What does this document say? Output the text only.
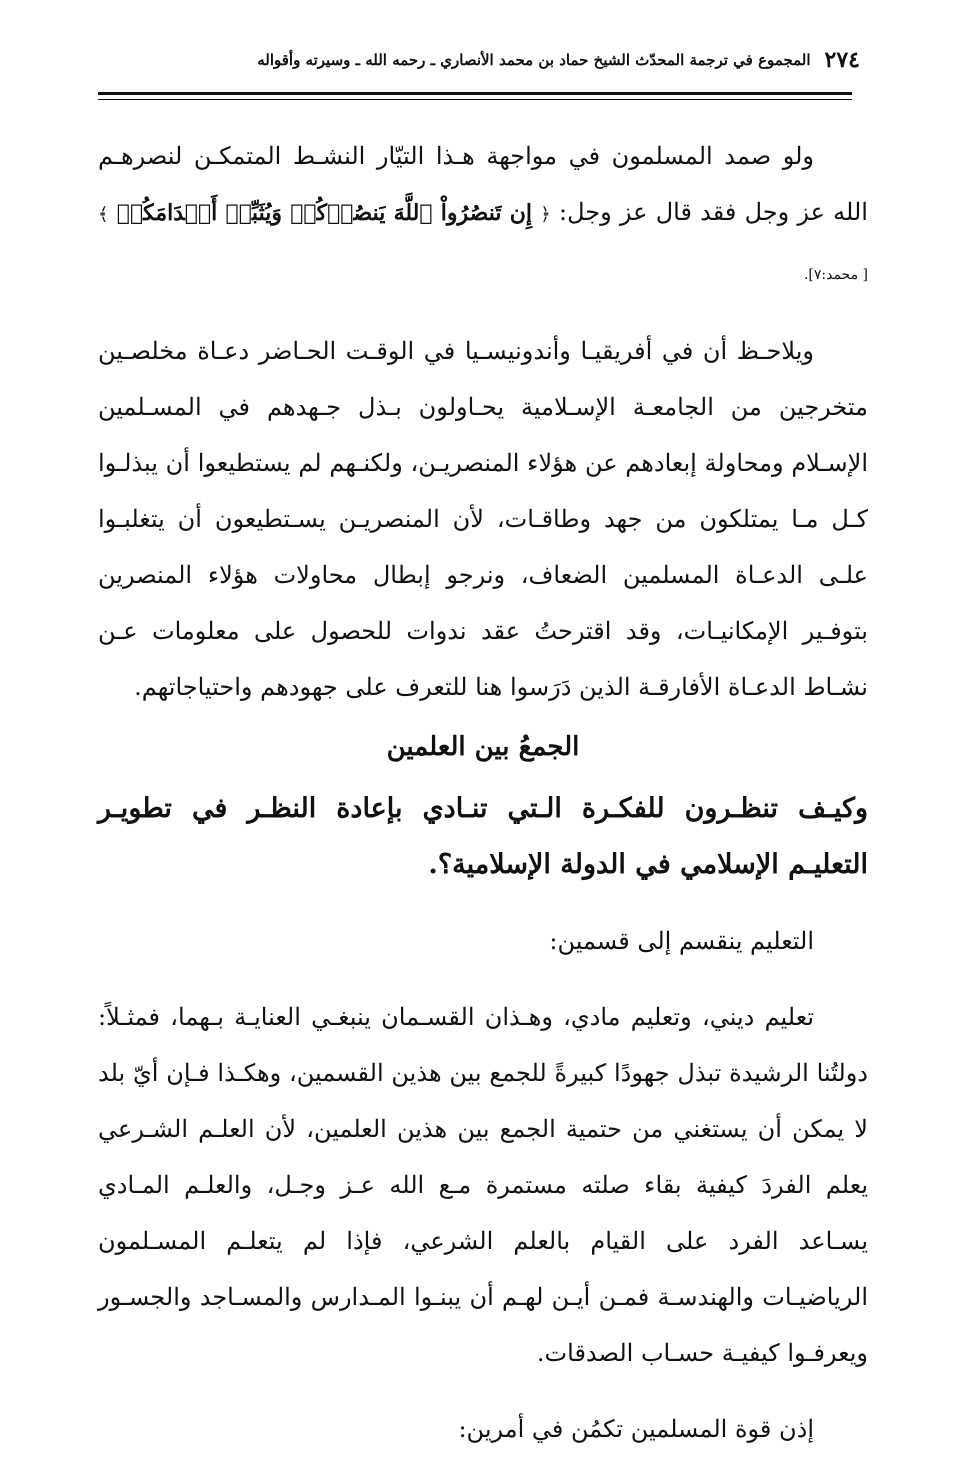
٢٧٤
المجموع في ترجمة المحدّث الشيخ حماد بن محمد الأنصاري ـ رحمه الله ـ وسيرته وأقواله

ولو صمد المسلمون في مواجهة هـذا التيّار النشـط المتمكـن لنصرهـم الله عز وجل فقد قال عز وجل: ﴿ إِن تَنصُرُواْ ٱللَّهَ يَنصُرۡكُمۡ وَيُثَبِّتۡ أَقۡدَامَكُمۡ ﴾ [ محمد:٧].

ويلاحـظ أن في أفريقيـا وأندونيسـيا في الوقـت الحـاضر دعـاة مخلصـين متخرجين من الجامعـة الإسـلامية يحـاولون بـذل جـهدهم في المسـلمين الإسـلام ومحاولة إبعادهم عن هؤلاء المنصريـن، ولكنـهم لم يستطيعوا أن يبذلـوا كـل مـا يمتلكون من جهد وطاقـات، لأن المنصريـن يسـتطيعون أن يتغلبـوا علـى الدعـاة المسلمين الضعاف، ونرجو إبطال محاولات هؤلاء المنصرين بتوفـير الإمكانيـات، وقد اقترحتُ عقد ندوات للحصول على معلومات عـن نشـاط الدعـاة الأفارقـة الذين دَرَسوا هنا للتعرف على جهودهم واحتياجاتهم.

الجمعُ بين العلمين

وكيـف تنظـرون للفكـرة الـتي تنـادي بإعادة النظـر في تطويـر التعليـم الإسلامي في الدولة الإسلامية؟.

التعليم ينقسم إلى قسمين:

تعليم ديني، وتعليم مادي، وهـذان القسـمان ينبغـي العنايـة بـهما، فمثـلاً: دولتُنا الرشيدة تبذل جهودًا كبيرةً للجمع بين هذين القسمين، وهكـذا فـإن أيّ بلد لا يمكن أن يستغني من حتمية الجمع بين هذين العلمين، لأن العلـم الشـرعي يعلم الفردَ كيفية بقاء صلته مستمرة مـع الله عـز وجـل، والعلـم المـادي يسـاعد الفرد على القيام بالعلم الشرعي، فإذا لم يتعلـم المسـلمون الرياضيـات والهندسـة فمـن أيـن لهـم أن يبنـوا المـدارس والمسـاجد والجسـور ويعرفـوا كيفيـة حسـاب الصدقات.

إذن قوة المسلمين تكمُن في أمرين:
